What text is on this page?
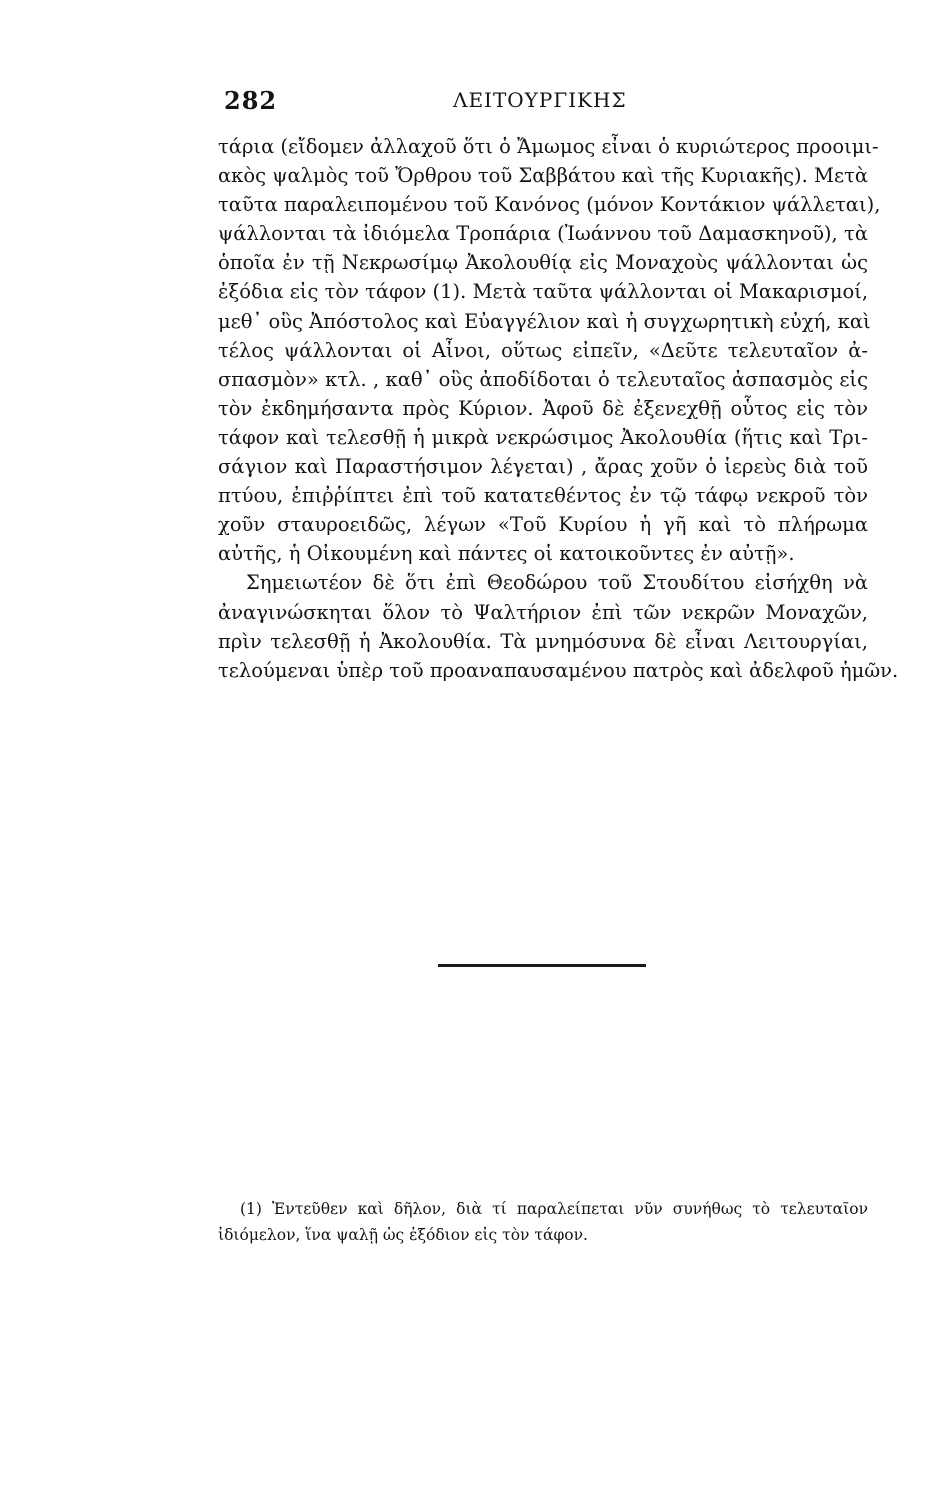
282	ΛΕΙΤΟΥΡΓΙΚΗΣ
τάρια (εἴδομεν ἀλλαχοῦ ὅτι ὁ Ἄμωμος εἶναι ὁ κυριώτερος προοιμι-
ακὸς ψαλμὸς τοῦ Ὄρθρου τοῦ Σαββάτου καὶ τῆς Κυριακῆς). Μετὰ
ταῦτα παραλειπομένου τοῦ Κανόνος (μόνον Κοντάκιον ψάλλεται),
ψάλλονται τὰ ἰδιόμελα Τροπάρια (Ἰωάννου τοῦ Δαμασκηνοῦ), τὰ
ὁποῖα ἐν τῇ Νεκρωσίμῳ Ἀκολουθίᾳ εἰς Μοναχοὺς ψάλλονται ὡς
ἐξόδια εἰς τὸν τάφον (1). Μετὰ ταῦτα ψάλλονται οἱ Μακαρισμοί,
μεθ᾽ οὓς Ἀπόστολος καὶ Εὐαγγέλιον καὶ ἡ συγχωρητικὴ εὐχή, καὶ
τέλος ψάλλονται οἱ Αἶνοι, οὕτως εἰπεῖν, «Δεῦτε τελευταῖον ἀ-
σπασμὸν» κτλ. , καθ᾽ οὓς ἀποδίδοται ὁ τελευταῖος ἀσπασμὸς εἰς
τὸν ἐκδημήσαντα πρὸς Κύριον. Ἀφοῦ δὲ ἐξενεχθῇ οὗτος εἰς τὸν
τάφον καὶ τελεσθῇ ἡ μικρὰ νεκρώσιμος Ἀκολουθία (ἥτις καὶ Τρι-
σάγιον καὶ Παραστήσιμον λέγεται) , ἄρας χοῦν ὁ ἱερεὺς διὰ τοῦ
πτύου, ἐπιῤῥίπτει ἐπὶ τοῦ κατατεθέντος ἐν τῷ τάφῳ νεκροῦ τὸν
χοῦν σταυροειδῶς, λέγων «Τοῦ Κυρίου ἡ γῆ καὶ τὸ πλήρωμα
αὐτῆς, ἡ Οἰκουμένη καὶ πάντες οἱ κατοικοῦντες ἐν αὐτῇ».
Σημειωτέον δὲ ὅτι ἐπὶ Θεοδώρου τοῦ Στουδίτου εἰσήχθη νὰ
ἀναγινώσκηται ὅλον τὸ Ψαλτήριον ἐπὶ τῶν νεκρῶν Μοναχῶν,
πρὶν τελεσθῇ ἡ Ἀκολουθία. Τὰ μνημόσυνα δὲ εἶναι Λειτουργίαι,
τελούμεναι ὑπὲρ τοῦ προαναπαυσαμένου πατρὸς καὶ ἀδελφοῦ ἡμῶν.
(1) Ἐντεῦθεν καὶ δῆλον, διὰ τί παραλείπεται νῦν συνήθως τὸ τελευταῖον
ἰδιόμελον, ἵνα ψαλῇ ὡς ἐξόδιον εἰς τὸν τάφον.
